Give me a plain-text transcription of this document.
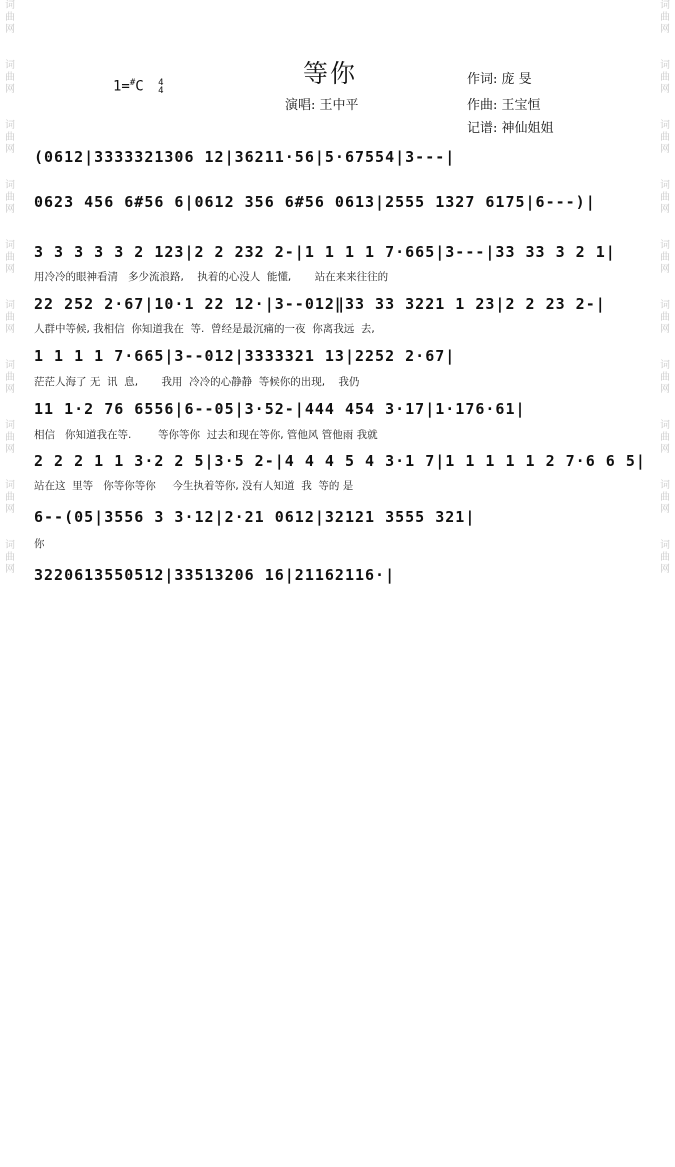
词
曲
网
词
曲
网
词
曲
网
词
曲
网
词
曲
网
词
曲
网
词
曲
网
词
曲
网
词
曲
网
词
曲
网
词
曲
网
词
曲
网
词
曲
网
词
曲
网
词
曲
网
词
曲
网
词
曲
网
词
曲
网
词
曲
网
词
曲
网
等你
1=#C 4
4
演唱: 王中平
作词: 庞 旻
作曲: 王宝恒
记谱: 神仙姐姐
(0612|3333321306 12|36211·56|5·67554|3---|
0623 456 6#56 6|0612 356 6#56 0613|2555 1327 6175|6---)|
3 3 3 3 3 2 123|2 2 232 2-|1 1 1 1 7·665|3---|33 33 3 2 1|
用冷冷的眼神看清   多少流浪路,    执着的心没人  能懂,       站在来来往往的
22 252 2·67|10·1 22 12·|3--012‖33 33 3221 1 23|2 2 23 2-|
人群中等候, 我相信  你知道我在  等.  曾经是最沉痛的一夜  你离我远  去,
1 1 1 1 7·665|3--012|3333321 13|2252 2·67|
茫茫人海了 无  讯  息,       我用  冷冷的心静静  等候你的出现,    我仍
11 1·2 76 6556|6--05|3·52-|444 454 3·17|1·176·61|
相信   你知道我在等.        等你等你  过去和现在等你, 管他风 管他雨 我就
2 2 2 1 1 3·2 2 5|3·5 2-|4 4 4 5 4 3·1 7|1 1 1 1 1 2 7·6 6 5|
站在这  里等   你等你等你     今生执着等你, 没有人知道  我  等的 是
6--(05|3556 3 3·12|2·21 0612|32121 3555 321|
你
3220613550512|33513206 16|21162116·|
